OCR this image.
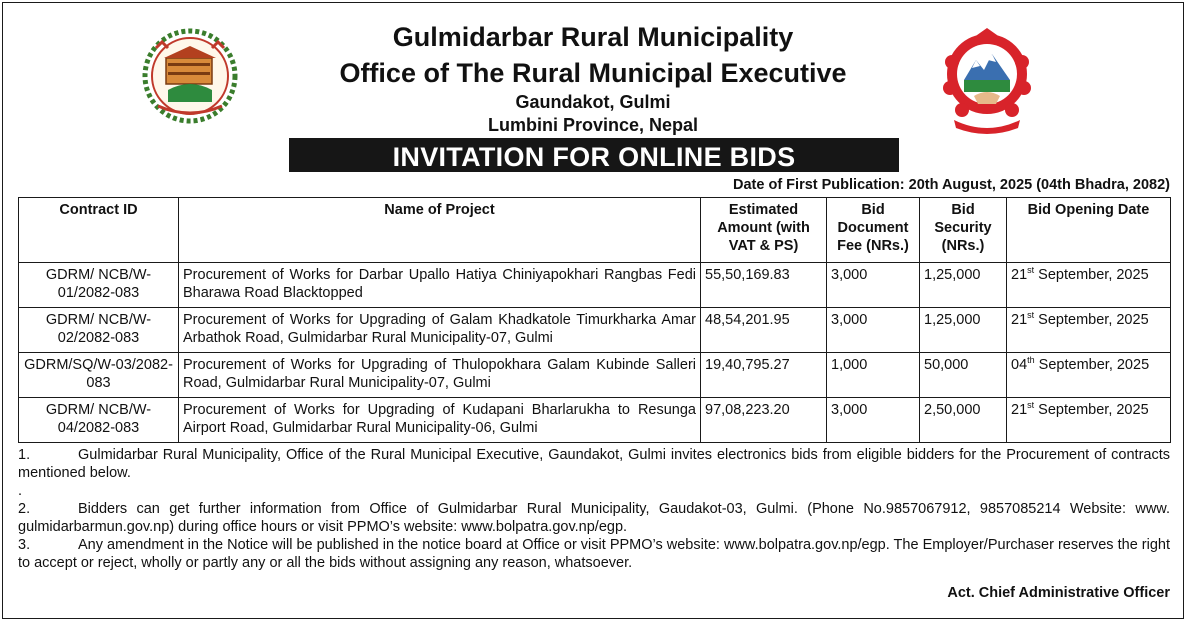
Gulmidarbar Rural Municipality
Office of The Rural Municipal Executive
Gaundakot, Gulmi
Lumbini Province, Nepal
INVITATION FOR ONLINE BIDS
Date of First Publication: 20th August, 2025 (04th Bhadra, 2082)
Contract ID	Name of Project	Estimated Amount (with VAT & PS)	Bid Document Fee (NRs.)	Bid Security (NRs.)	Bid Opening Date
GDRM/ NCB/W-01/2082-083	Procurement of Works for Darbar Upallo Hatiya Chiniyapokhari Rangbas Fedi Bharawa Road Blacktopped	55,50,169.83	3,000	1,25,000	21st September, 2025
GDRM/ NCB/W-02/2082-083	Procurement of Works for Upgrading of Galam Khadkatole Timurkharka Amar Arbathok Road, Gulmidarbar Rural Municipality-07, Gulmi	48,54,201.95	3,000	1,25,000	21st September, 2025
GDRM/SQ/W-03/2082-083	Procurement of Works for Upgrading of Thulopokhara Galam Kubinde Salleri Road, Gulmidarbar Rural Municipality-07, Gulmi	19,40,795.27	1,000	50,000	04th September, 2025
GDRM/ NCB/W-04/2082-083	Procurement of Works for Upgrading of Kudapani Bharlarukha to Resunga Airport Road, Gulmidarbar Rural Municipality-06, Gulmi	97,08,223.20	3,000	2,50,000	21st September, 2025

1.	Gulmidarbar Rural Municipality, Office of the Rural Municipal Executive, Gaundakot, Gulmi invites electronics bids from eligible bidders for the Procurement of contracts mentioned below.

.

2.	Bidders can get further information from Office of Gulmidarbar Rural Municipality, Gaudakot-03, Gulmi. (Phone No.9857067912, 9857085214 Website: www. gulmidarbarmun.gov.np) during office hours or visit PPMO’s website: www.bolpatra.gov.np/egp.

3.	Any amendment in the Notice will be published in the notice board at Office or visit PPMO’s website: www.bolpatra.gov.np/egp. The Employer/Purchaser reserves the right to accept or reject, wholly or partly any or all the bids without assigning any reason, whatsoever.

Act. Chief Administrative Officer
